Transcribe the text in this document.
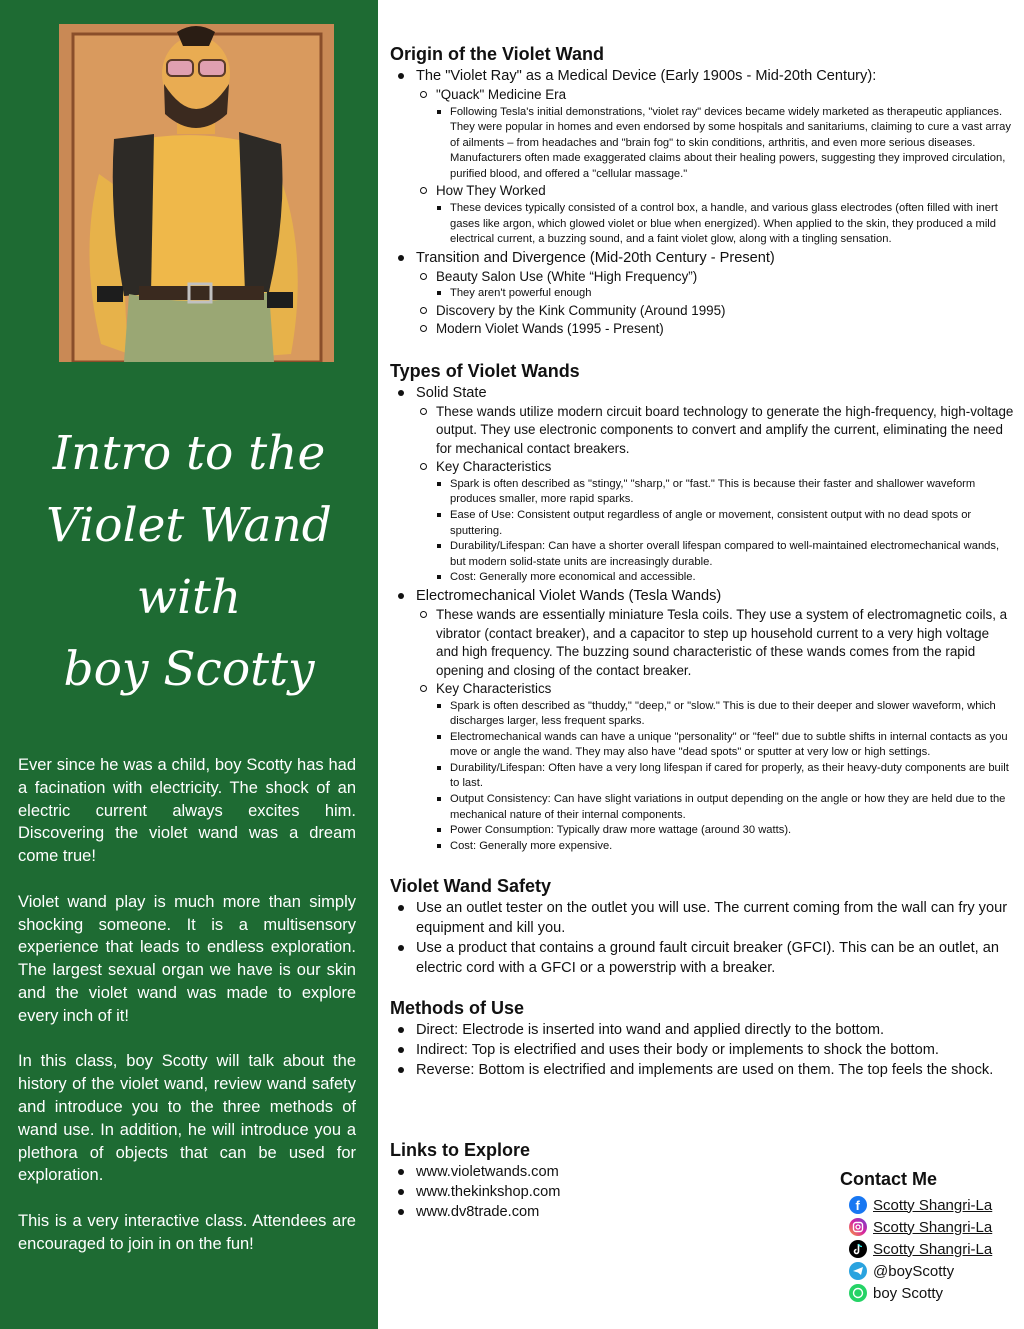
Intro to the
Violet Wand
with
boy Scotty

Ever since he was a child, boy Scotty has had a facination with electricity. The shock of an electric current always excites him. Discovering the violet wand was a dream come true!

Violet wand play is much more than simply shocking someone. It is a multisensory experience that leads to endless exploration. The largest sexual organ we have is our skin and the violet wand was made to explore every inch of it!

In this class, boy Scotty will talk about the history of the violet wand, review wand safety and introduce you to the three methods of wand use. In addition, he will introduce you a plethora of objects that can be used for exploration.

This is a very interactive class. Attendees are encouraged to join in on the fun!

Origin of the Violet Wand
The "Violet Ray" as a Medical Device (Early 1900s - Mid-20th Century):
"Quack" Medicine Era
Following Tesla's initial demonstrations, "violet ray" devices became widely marketed as therapeutic appliances. They were popular in homes and even endorsed by some hospitals and sanitariums, claiming to cure a vast array of ailments – from headaches and "brain fog" to skin conditions, arthritis, and even more serious diseases. Manufacturers often made exaggerated claims about their healing powers, suggesting they improved circulation, purified blood, and offered a "cellular massage."
How They Worked
These devices typically consisted of a control box, a handle, and various glass electrodes (often filled with inert gases like argon, which glowed violet or blue when energized). When applied to the skin, they produced a mild electrical current, a buzzing sound, and a faint violet glow, along with a tingling sensation.
Transition and Divergence (Mid-20th Century - Present)
Beauty Salon Use (White “High Frequency”)
They aren't powerful enough
Discovery by the Kink Community (Around 1995)
Modern Violet Wands (1995 - Present)
Types of Violet Wands
Solid State
These wands utilize modern circuit board technology to generate the high-frequency, high-voltage output. They use electronic components to convert and amplify the current, eliminating the need for mechanical contact breakers.
Key Characteristics
Spark is often described as "stingy," "sharp," or "fast." This is because their faster and shallower waveform produces smaller, more rapid sparks.
Ease of Use: Consistent output regardless of angle or movement, consistent output with no dead spots or sputtering.
Durability/Lifespan: Can have a shorter overall lifespan compared to well-maintained electromechanical wands, but modern solid-state units are increasingly durable.
Cost: Generally more economical and accessible.
Electromechanical Violet Wands (Tesla Wands)
These wands are essentially miniature Tesla coils. They use a system of electromagnetic coils, a vibrator (contact breaker), and a capacitor to step up household current to a very high voltage and high frequency. The buzzing sound characteristic of these wands comes from the rapid opening and closing of the contact breaker.
Key Characteristics
Spark is often described as "thuddy," "deep," or "slow." This is due to their deeper and slower waveform, which discharges larger, less frequent sparks.
Electromechanical wands can have a unique "personality" or "feel" due to subtle shifts in internal contacts as you move or angle the wand. They may also have "dead spots" or sputter at very low or high settings.
Durability/Lifespan: Often have a very long lifespan if cared for properly, as their heavy-duty components are built to last.
Output Consistency: Can have slight variations in output depending on the angle or how they are held due to the mechanical nature of their internal components.
Power Consumption: Typically draw more wattage (around 30 watts).
Cost: Generally more expensive.
Violet Wand Safety
Use an outlet tester on the outlet you will use. The current coming from the wall can fry your equipment and kill you.
Use a product that contains a ground fault circuit breaker (GFCI). This can be an outlet, an electric cord with a GFCI or a powerstrip with a breaker.
Methods of Use
Direct: Electrode is inserted into wand and applied directly to the bottom.
Indirect: Top is electrified and uses their body or implements to shock the bottom.
Reverse: Bottom is electrified and implements are used on them. The top feels the shock.
Links to Explore
www.violetwands.com
www.thekinkshop.com
www.dv8trade.com
Contact Me
f Scotty Shangri-La
Scotty Shangri-La
Scotty Shangri-La
@boyScotty
boy Scotty
